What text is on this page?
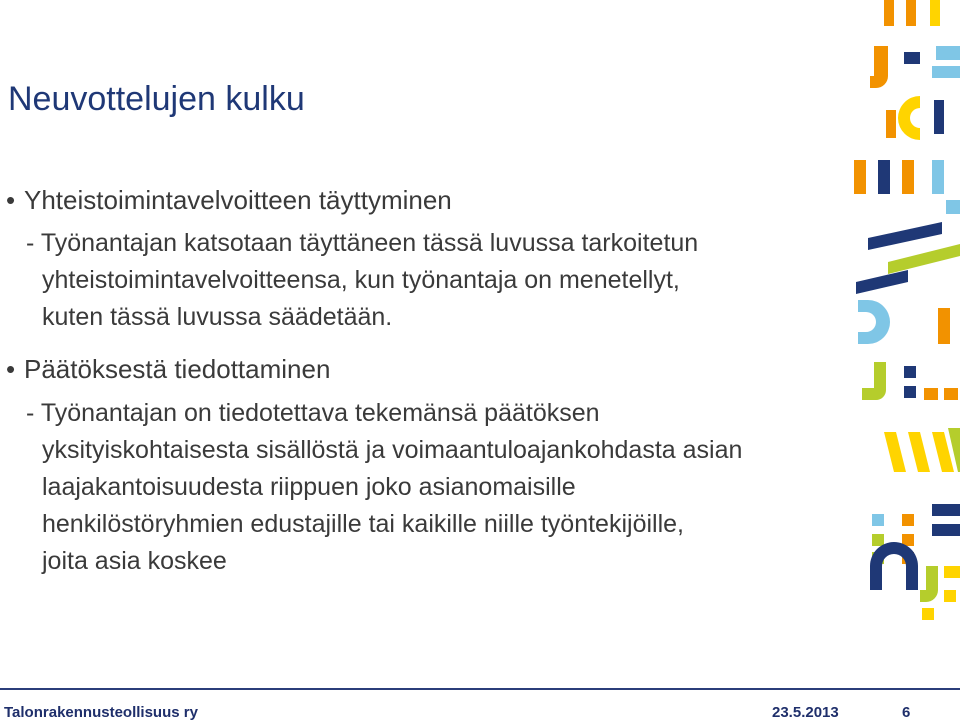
Neuvottelujen kulku
• Yhteistoimintavelvoitteen täyttyminen
- Työnantajan katsotaan täyttäneen tässä luvussa tarkoitetun
yhteistoimintavelvoitteensa, kun työnantaja on menetellyt,
kuten tässä luvussa säädetään.
• Päätöksestä tiedottaminen
- Työnantajan on tiedotettava tekemänsä päätöksen
yksityiskohtaisesta sisällöstä ja voimaantuloajankohdasta asian
laajakantoisuudesta riippuen joko asianomaisille
henkilöstöryhmien edustajille tai kaikille niille työntekijöille,
joita asia koskee
Talonrakennusteollisuus ry	23.5.2013	6
